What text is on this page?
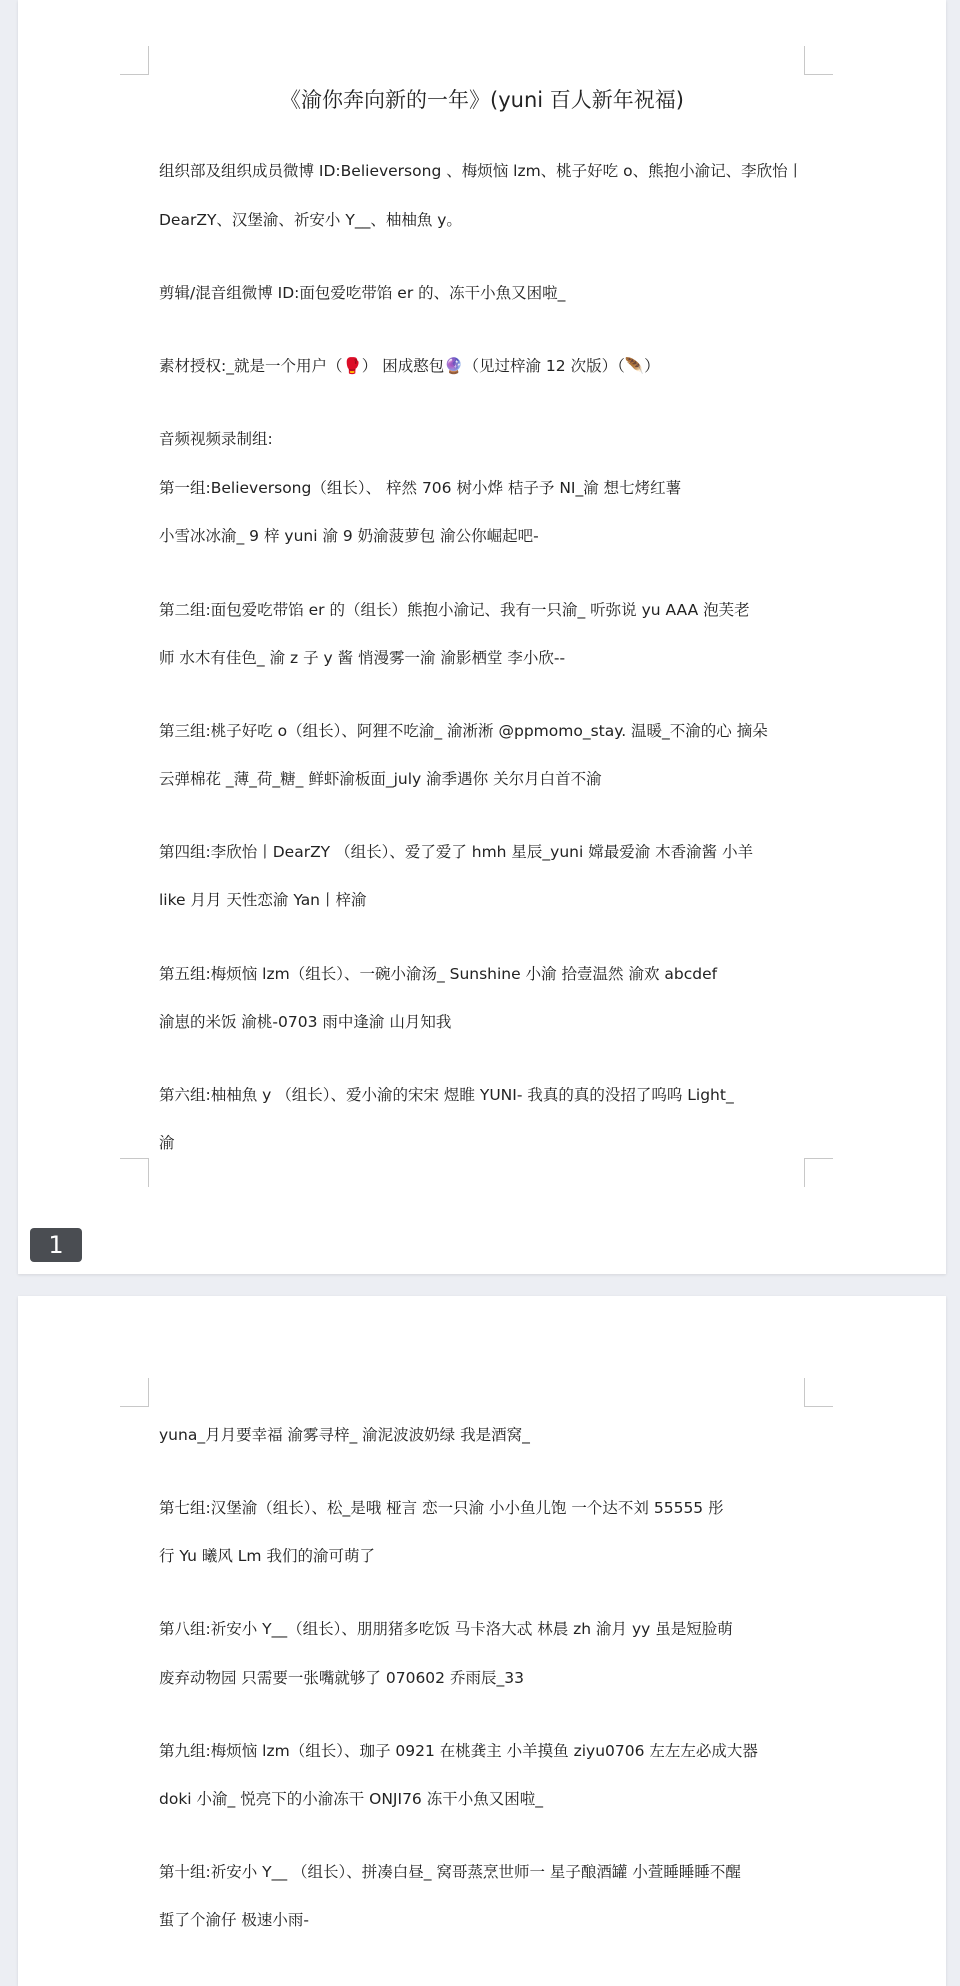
《渝你奔向新的一年》(yuni 百人新年祝福)
组织部及组织成员微博 ID:Believersong 、梅烦恼 lzm、桃子好吃 o、熊抱小渝记、李欣怡丨
DearZY、汉堡渝、祈安小 Y__、柚柚魚 y。
剪辑/混音组微博 ID:面包爱吃带馅 er 的、冻干小魚又困啦_
素材授权:_就是一个用户（🥊） 困成憨包🔮（见过梓渝 12 次版）（🪶）
音频视频录制组:
第一组:Believersong（组长）、 梓然 706 树小烨 桔子予 NI_渝 想七烤红薯
小雪冰冰渝_ 9 梓 yuni 渝 9 奶渝菠萝包 渝公你崛起吧-
第二组:面包爱吃带馅 er 的（组长）熊抱小渝记、我有一只渝_ 听弥说 yu AAA 泡芙老
师 水木有佳色_ 渝 z 子 y 酱 悄漫雾一渝 渝影栖堂 李小欣--
第三组:桃子好吃 o（组长）、阿狸不吃渝_ 渝淅淅 @ppmomo_stay. 温暖_不渝的心 摘朵
云弹棉花 _薄_荷_糖_ 鲜虾渝板面_july 渝季遇你 关尔月白首不渝
第四组:李欣怡丨DearZY （组长）、爱了爱了 hmh 星辰_yuni 嫦最爱渝 木香渝酱 小羊
like 月月 天性恋渝 Yan丨梓渝
第五组:梅烦恼 lzm（组长）、一碗小渝汤_ Sunshine 小渝 拾壹温然 渝欢 abcdef
渝崽的米饭 渝桃-0703 雨中逢渝 山月知我
第六组:柚柚魚 y （组长）、爱小渝的宋宋 煜睢 YUNI- 我真的真的没招了呜呜 Light_
渝
1
yuna_月月要幸福 渝雾寻梓_ 渝泥波波奶绿 我是酒窝_
第七组:汉堡渝（组长）、松_是哦 桠言 恋一只渝 小小鱼儿饱 一个达不刘 55555 彤
行 Yu 曦风 Lm 我们的渝可萌了
第八组:祈安小 Y__（组长）、朋朋猪多吃饭 马卡洛大忒 林晨 zh 渝月 yy 虽是短脸萌
废弃动物园 只需要一张嘴就够了 070602 乔雨辰_33
第九组:梅烦恼 lzm（组长）、珈子 0921 在桃龚主 小羊摸鱼 ziyu0706 左左左必成大器
doki 小渝_ 悦亮下的小渝冻干 ONJI76 冻干小魚又困啦_
第十组:祈安小 Y__ （组长）、拼凑白昼_ 窝哥蒸烹世师一 星子酿酒罐 小萱睡睡睡不醒
蜇了个渝仔 极速小雨-
